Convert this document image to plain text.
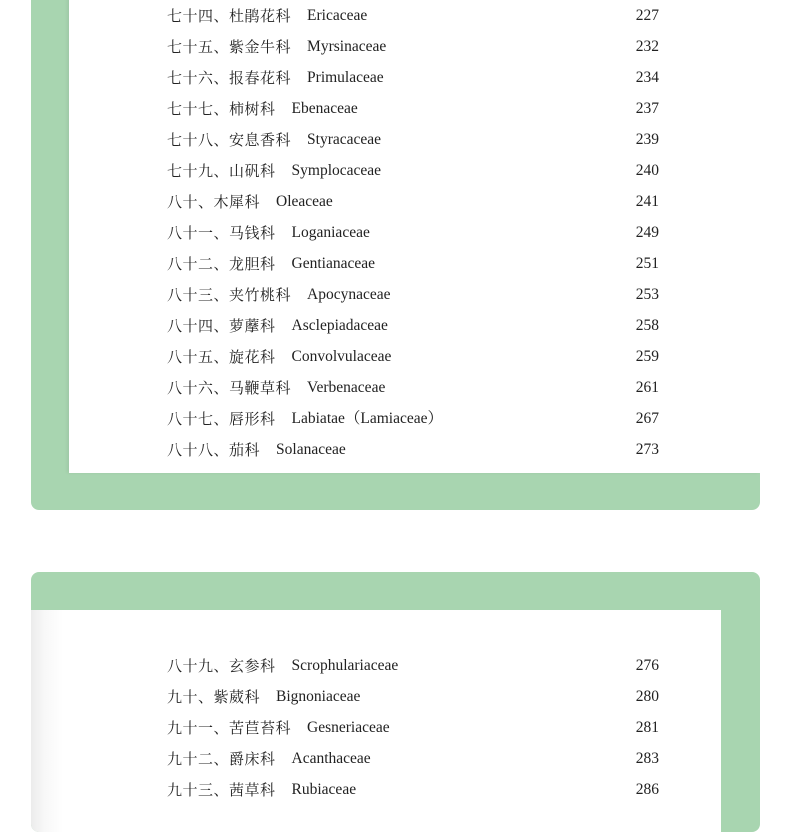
七十四、 杜鹃花科 Ericaceae	227
七十五、 紫金牛科 Myrsinaceae	232
七十六、 报春花科 Primulaceae	234
七十七、 柿树科 Ebenaceae	237
七十八、 安息香科 Styracaceae	239
七十九、 山矾科 Symplocaceae	240
八十、 木犀科 Oleaceae	241
八十一、 马钱科 Loganiaceae	249
八十二、 龙胆科 Gentianaceae	251
八十三、 夹竹桃科 Apocynaceae	253
八十四、 萝藦科 Asclepiadaceae	258
八十五、 旋花科 Convolvulaceae	259
八十六、 马鞭草科 Verbenaceae	261
八十七、 唇形科 Labiatae（Lamiaceae）	267
八十八、 茄科 Solanaceae	273
八十九、 玄参科 Scrophulariaceae	276
九十、 紫葳科 Bignoniaceae	280
九十一、 苦苣苔科 Gesneriaceae	281
九十二、 爵床科 Acanthaceae	283
九十三、 茜草科 Rubiaceae	286
